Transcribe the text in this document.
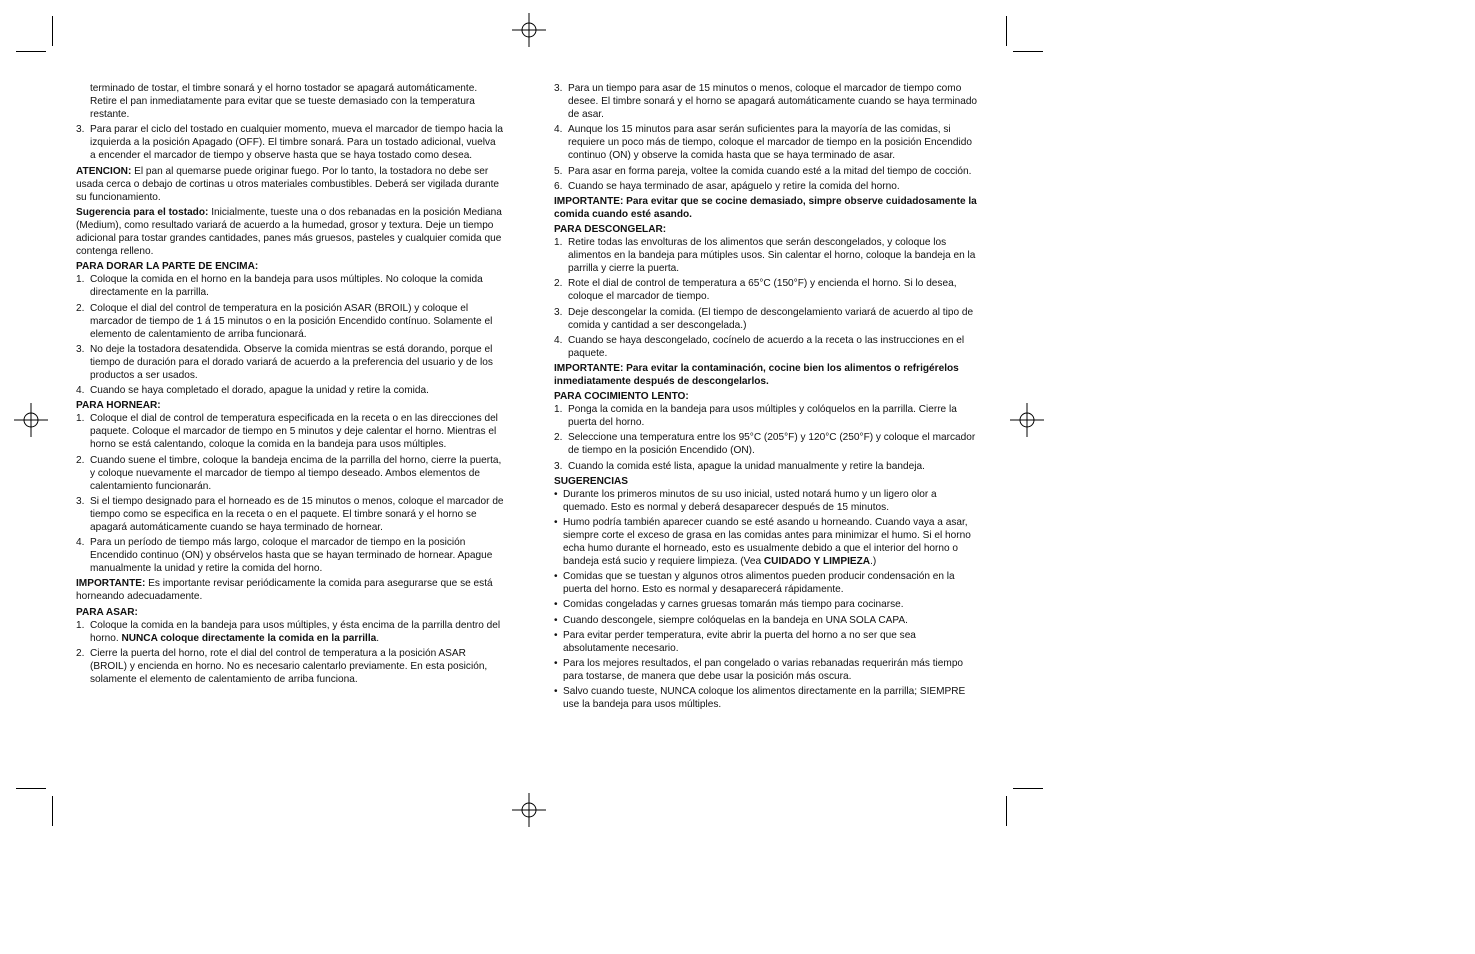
terminado de tostar, el timbre sonará y el horno tostador se apagará automáticamente. Retire el pan inmediatamente para evitar que se tueste demasiado con la temperatura restante.
3. Para parar el ciclo del tostado en cualquier momento, mueva el marcador de tiempo hacia la izquierda a la posición Apagado (OFF). El timbre sonará. Para un tostado adicional, vuelva a encender el marcador de tiempo y observe hasta que se haya tostado como desea.

ATENCION: El pan al quemarse puede originar fuego. Por lo tanto, la tostadora no debe ser usada cerca o debajo de cortinas u otros materiales combustibles. Deberá ser vigilada durante su funcionamiento.

Sugerencia para el tostado: Inicialmente, tueste una o dos rebanadas en la posición Mediana (Medium), como resultado variará de acuerdo a la humedad, grosor y textura. Deje un tiempo adicional para tostar grandes cantidades, panes más gruesos, pasteles y cualquier comida que contenga relleno.

PARA DORAR LA PARTE DE ENCIMA:

1. Coloque la comida en el horno en la bandeja para usos múltiples. No coloque la comida directamente en la parrilla.
2. Coloque el dial del control de temperatura en la posición ASAR (BROIL) y coloque el marcador de tiempo de 1 á 15 minutos o en la posición Encendido contínuo. Solamente el elemento de calentamiento de arriba funcionará.
3. No deje la tostadora desatendida. Observe la comida mientras se está dorando, porque el tiempo de duración para el dorado variará de acuerdo a la preferencia del usuario y de los productos a ser usados.
4. Cuando se haya completado el dorado, apague la unidad y retire la comida.

PARA HORNEAR:

1. Coloque el dial de control de temperatura especificada en la receta o en las direcciones del paquete. Coloque el marcador de tiempo en 5 minutos y deje calentar el horno. Mientras el horno se está calentando, coloque la comida en la bandeja para usos múltiples.
2. Cuando suene el timbre, coloque la bandeja encima de la parrilla del horno, cierre la puerta, y coloque nuevamente el marcador de tiempo al tiempo deseado. Ambos elementos de calentamiento funcionarán.
3. Si el tiempo designado para el horneado es de 15 minutos o menos, coloque el marcador de tiempo como se especifica en la receta o en el paquete. El timbre sonará y el horno se apagará automáticamente cuando se haya terminado de hornear.
4. Para un período de tiempo más largo, coloque el marcador de tiempo en la posición Encendido continuo (ON) y obsérvelos hasta que se hayan terminado de hornear. Apague manualmente la unidad y retire la comida del horno.

IMPORTANTE: Es importante revisar periódicamente la comida para asegurarse que se está horneando adecuadamente.

PARA ASAR:

1. Coloque la comida en la bandeja para usos múltiples, y ésta encima de la parrilla dentro del horno. NUNCA coloque directamente la comida en la parrilla.
2. Cierre la puerta del horno, rote el dial del control de temperatura a la posición ASAR (BROIL) y encienda en horno. No es necesario calentarlo previamente. En esta posición, solamente el elemento de calentamiento de arriba funciona.
3. Para un tiempo para asar de 15 minutos o menos, coloque el marcador de tiempo como desee. El timbre sonará y el horno se apagará automáticamente cuando se haya terminado de asar.
4. Aunque los 15 minutos para asar serán suficientes para la mayoría de las comidas, si requiere un poco más de tiempo, coloque el marcador de tiempo en la posición Encendido continuo (ON) y observe la comida hasta que se haya terminado de asar.
5. Para asar en forma pareja, voltee la comida cuando esté a la mitad del tiempo de cocción.
6. Cuando se haya terminado de asar, apáguelo y retire la comida del horno.

IMPORTANTE: Para evitar que se cocine demasiado, simpre observe cuidadosamente la comida cuando esté asando.

PARA DESCONGELAR:

1. Retire todas las envolturas de los alimentos que serán descongelados, y coloque los alimentos en la bandeja para mútiples usos. Sin calentar el horno, coloque la bandeja en la parrilla y cierre la puerta.
2. Rote el dial de control de temperatura a 65°C (150°F) y encienda el horno. Si lo desea, coloque el marcador de tiempo.
3. Deje descongelar la comida. (El tiempo de descongelamiento variará de acuerdo al tipo de comida y cantidad a ser descongelada.)
4. Cuando se haya descongelado, cocínelo de acuerdo a la receta o las instrucciones en el paquete.

IMPORTANTE: Para evitar la contaminación, cocine bien los alimentos o refrigérelos inmediatamente después de descongelarlos.

PARA COCIMIENTO LENTO:

1. Ponga la comida en la bandeja para usos múltiples y colóquelos en la parrilla. Cierre la puerta del horno.
2. Seleccione una temperatura entre los 95°C (205°F) y 120°C (250°F) y coloque el marcador de tiempo en la posición Encendido (ON).
3. Cuando la comida esté lista, apague la unidad manualmente y retire la bandeja.

SUGERENCIAS

• Durante los primeros minutos de su uso inicial, usted notará humo y un ligero olor a quemado. Esto es normal y deberá desaparecer después de 15 minutos.
• Humo podría también aparecer cuando se esté asando u horneando. Cuando vaya a asar, siempre corte el exceso de grasa en las comidas antes para minimizar el humo. Si el horno echa humo durante el horneado, esto es usualmente debido a que el interior del horno o bandeja está sucio y requiere limpieza. (Vea CUIDADO Y LIMPIEZA.)
• Comidas que se tuestan y algunos otros alimentos pueden producir condensación en la puerta del horno. Esto es normal y desaparecerá rápidamente.
• Comidas congeladas y carnes gruesas tomarán más tiempo para cocinarse.
• Cuando descongele, siempre colóquelas en la bandeja en UNA SOLA CAPA.
• Para evitar perder temperatura, evite abrir la puerta del horno a no ser que sea absolutamente necesario.
• Para los mejores resultados, el pan congelado o varias rebanadas requerirán más tiempo para tostarse, de manera que debe usar la posición más oscura.
• Salvo cuando tueste, NUNCA coloque los alimentos directamente en la parrilla; SIEMPRE use la bandeja para usos múltiples.
